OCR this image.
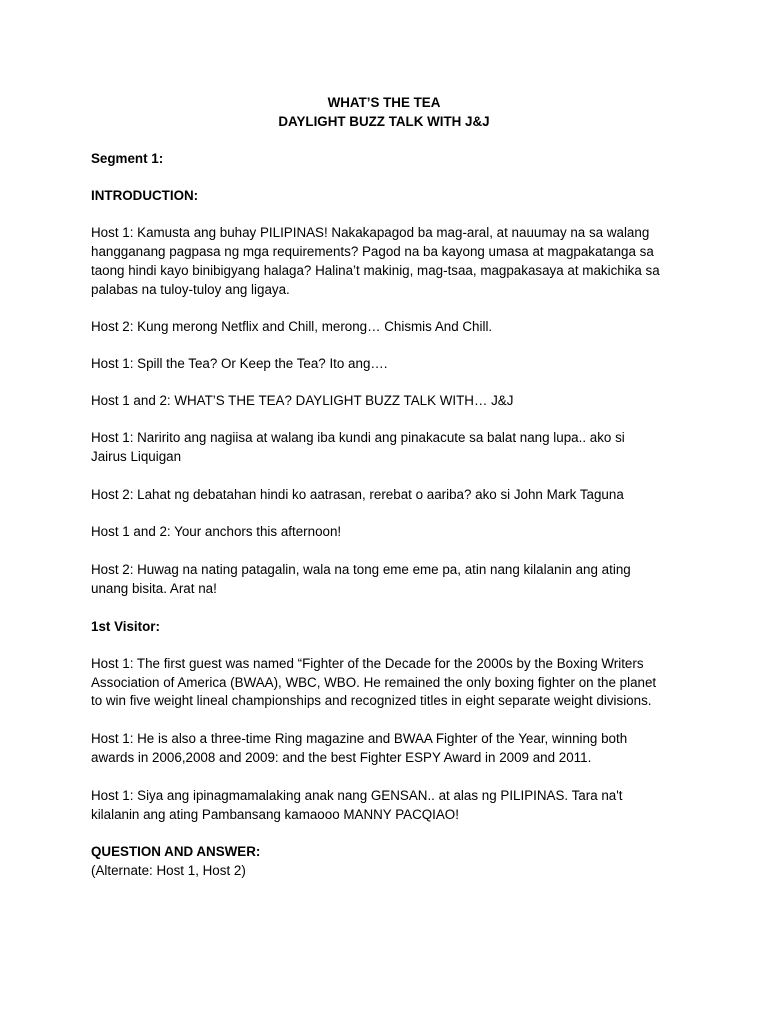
WHAT’S THE TEA
DAYLIGHT BUZZ TALK WITH J&J
Segment 1:
INTRODUCTION:
Host 1: Kamusta ang buhay PILIPINAS! Nakakapagod ba mag-aral, at nauumay na sa walang
hangganang pagpasa ng mga requirements? Pagod na ba kayong umasa at magpakatanga sa
taong hindi kayo binibigyang halaga? Halina’t makinig, mag-tsaa, magpakasaya at makichika sa
palabas na tuloy-tuloy ang ligaya.
Host 2: Kung merong Netflix and Chill, merong… Chismis And Chill.
Host 1: Spill the Tea? Or Keep the Tea? Ito ang….
Host 1 and 2: WHAT’S THE TEA? DAYLIGHT BUZZ TALK WITH… J&J
Host 1: Naririto ang nagiisa at walang iba kundi ang pinakacute sa balat nang lupa.. ako si
Jairus Liquigan
Host 2: Lahat ng debatahan hindi ko aatrasan, rerebat o aariba? ako si John Mark Taguna
Host 1 and 2: Your anchors this afternoon!
Host 2: Huwag na nating patagalin, wala na tong eme eme pa, atin nang kilalanin ang ating
unang bisita. Arat na!
1st Visitor:
Host 1: The first guest was named “Fighter of the Decade for the 2000s by the Boxing Writers
Association of America (BWAA), WBC, WBO. He remained the only boxing fighter on the planet
to win five weight lineal championships and recognized titles in eight separate weight divisions.
Host 1: He is also a three-time Ring magazine and BWAA Fighter of the Year, winning both
awards in 2006,2008 and 2009: and the best Fighter ESPY Award in 2009 and 2011.
Host 1: Siya ang ipinagmamalaking anak nang GENSAN.. at alas ng PILIPINAS. Tara na't
kilalanin ang ating Pambansang kamaooo MANNY PACQIAO!
QUESTION AND ANSWER:
(Alternate: Host 1, Host 2)
